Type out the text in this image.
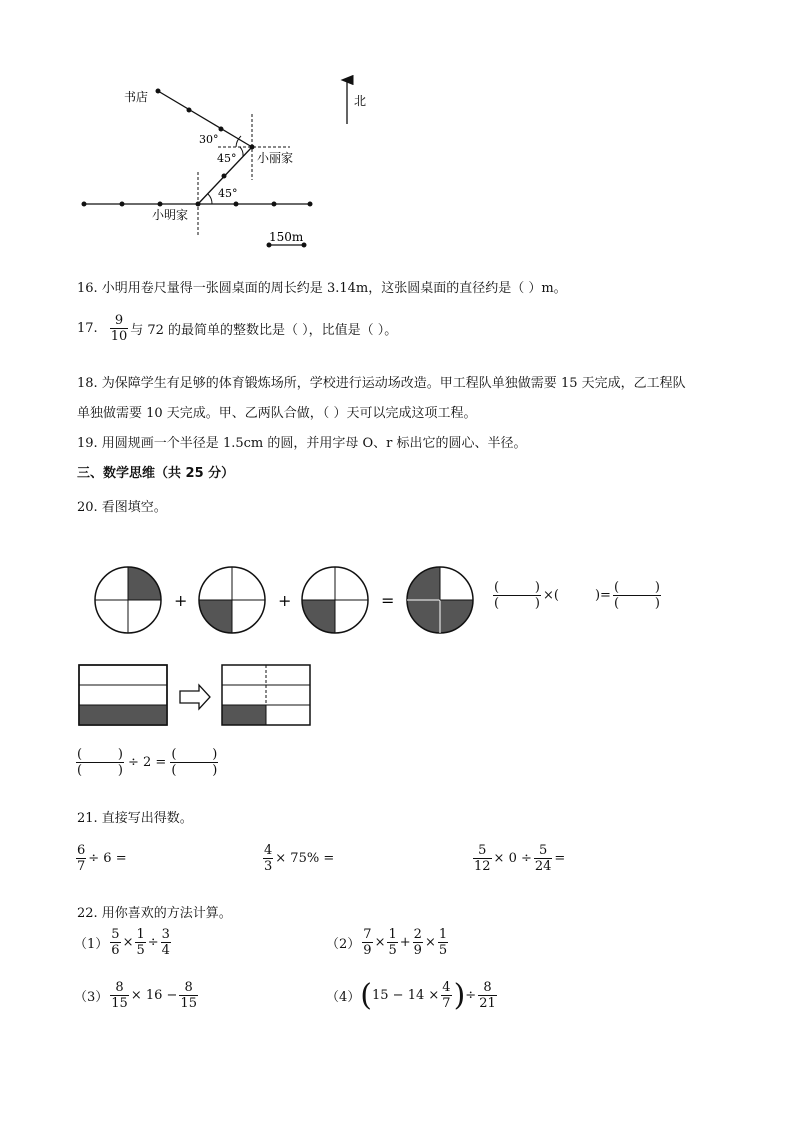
书店
小丽家
小明家
北
30°
45°
45°
150m
16. 小明用卷尺量得一张圆桌面的周长约是 3.14m，这张圆桌面的直径约是（ ）m。
17. $\frac{9}{10}$ 与 72 的最简单的整数比是（ ），比值是（ ）。
18. 为保障学生有足够的体育锻炼场所，学校进行运动场改造。甲工程队单独做需要 15 天完成，乙工程队
单独做需要 10 天完成。甲、乙两队合做，（ ）天可以完成这项工程。
19. 用圆规画一个半径是 1.5cm 的圆，并用字母 O、r 标出它的圆心、半径。
三、数学思维（共 25 分）
20. 看图填空。
+	+	=	(	)
(	) ×(	)= (	)
(	)
(	)
(	) ÷ 2 = (	)
(	)
21. 直接写出得数。
$\frac{6}{7} \div 6$ =	$\frac{4}{3} \times 75\%$ =	$\frac{5}{12} \times 0 \div \frac{5}{24}$ =
22. 用你喜欢的方法计算。
$(1) \frac{5}{6} \times \frac{1}{5} \div \frac{3}{4}$	$(2) \frac{7}{9} \times \frac{1}{5} + \frac{2}{9} \times \frac{1}{5}$
$(3) \frac{8}{15} \times 16 - \frac{8}{15}$	（4） ( $15 - 14 \times \frac{4}{7}$ ) ÷ $\frac{8}{21}$
